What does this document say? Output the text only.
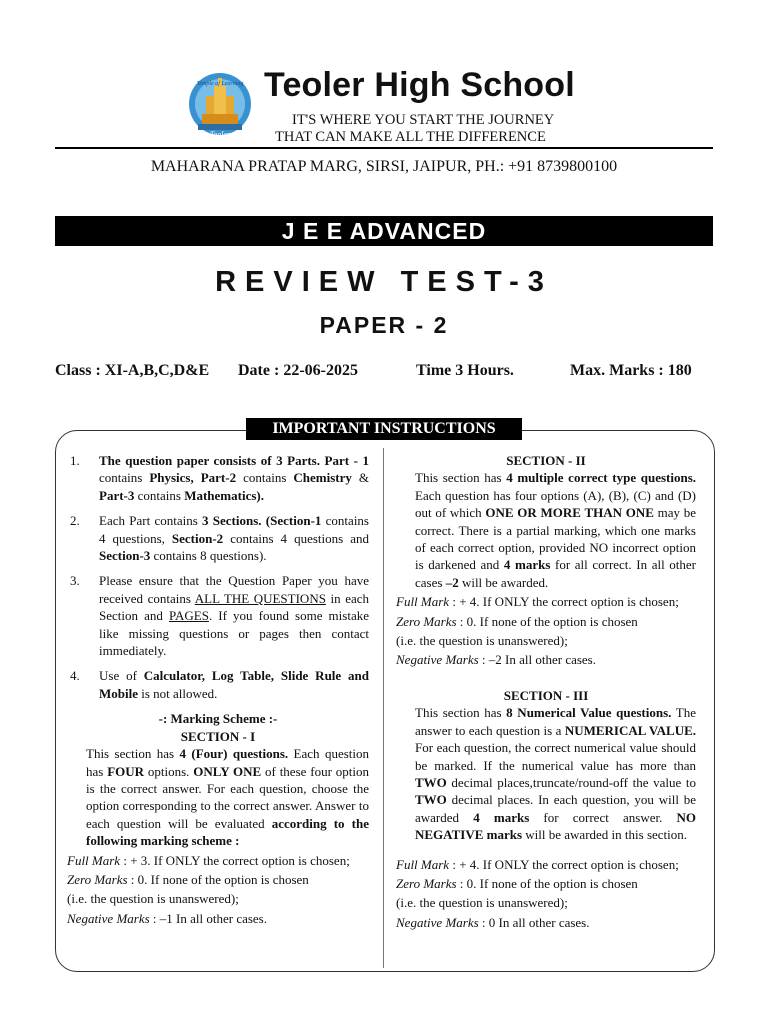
Temple of Learning
Teoler
Teoler High School
IT'S WHERE YOU START THE JOURNEY
THAT CAN MAKE ALL THE DIFFERENCE
MAHARANA PRATAP MARG, SIRSI, JAIPUR, PH.: +91 8739800100
J E E ADVANCED
REVIEW TEST-3
PAPER - 2
Class : XI-A,B,C,D&E Date : 22-06-2025	Time 3 Hours.	Max. Marks : 180
IMPORTANT INSTRUCTIONS
1. The question paper consists of 3 Parts. Part - 1 contains Physics, Part-2 contains Chemistry & Part-3 contains Mathematics).
2. Each Part contains 3 Sections. (Section-1 contains 4 questions, Section-2 contains 4 questions and Section-3 contains 8 questions).
3. Please ensure that the Question Paper you have received contains ALL THE QUESTIONS in each Section and PAGES. If you found some mistake like missing questions or pages then contact immediately.
4. Use of Calculator, Log Table, Slide Rule and Mobile is not allowed.
-: Marking Scheme :-
SECTION - I
This section has 4 (Four) questions. Each question has FOUR options. ONLY ONE of these four option is the correct answer. For each question, choose the option corresponding to the correct answer. Answer to each question will be evaluated according to the following marking scheme :
Full Mark : + 3. If ONLY the correct option is chosen;
Zero Marks : 0. If none of the option is chosen
(i.e. the question is unanswered);
Negative Marks : –1 In all other cases.
SECTION - II
This section has 4 multiple correct type questions. Each question has four options (A), (B), (C) and (D) out of which ONE OR MORE THAN ONE may be correct. There is a partial marking, which one marks of each correct option, provided NO incorrect option is darkened and 4 marks for all correct. In all other cases –2 will be awarded.
Full Mark : + 4. If ONLY the correct option is chosen;
Zero Marks : 0. If none of the option is chosen
(i.e. the question is unanswered);
Negative Marks : –2 In all other cases.
SECTION - III
This section has 8 Numerical Value questions. The answer to each question is a NUMERICAL VALUE. For each question, the correct numerical value should be marked. If the numerical value has more than TWO decimal places,truncate/round-off the value to TWO decimal places. In each question, you will be awarded 4 marks for correct answer. NO NEGATIVE marks will be awarded in this section.
Full Mark : + 4. If ONLY the correct option is chosen;
Zero Marks : 0. If none of the option is chosen
(i.e. the question is unanswered);
Negative Marks : 0 In all other cases.
